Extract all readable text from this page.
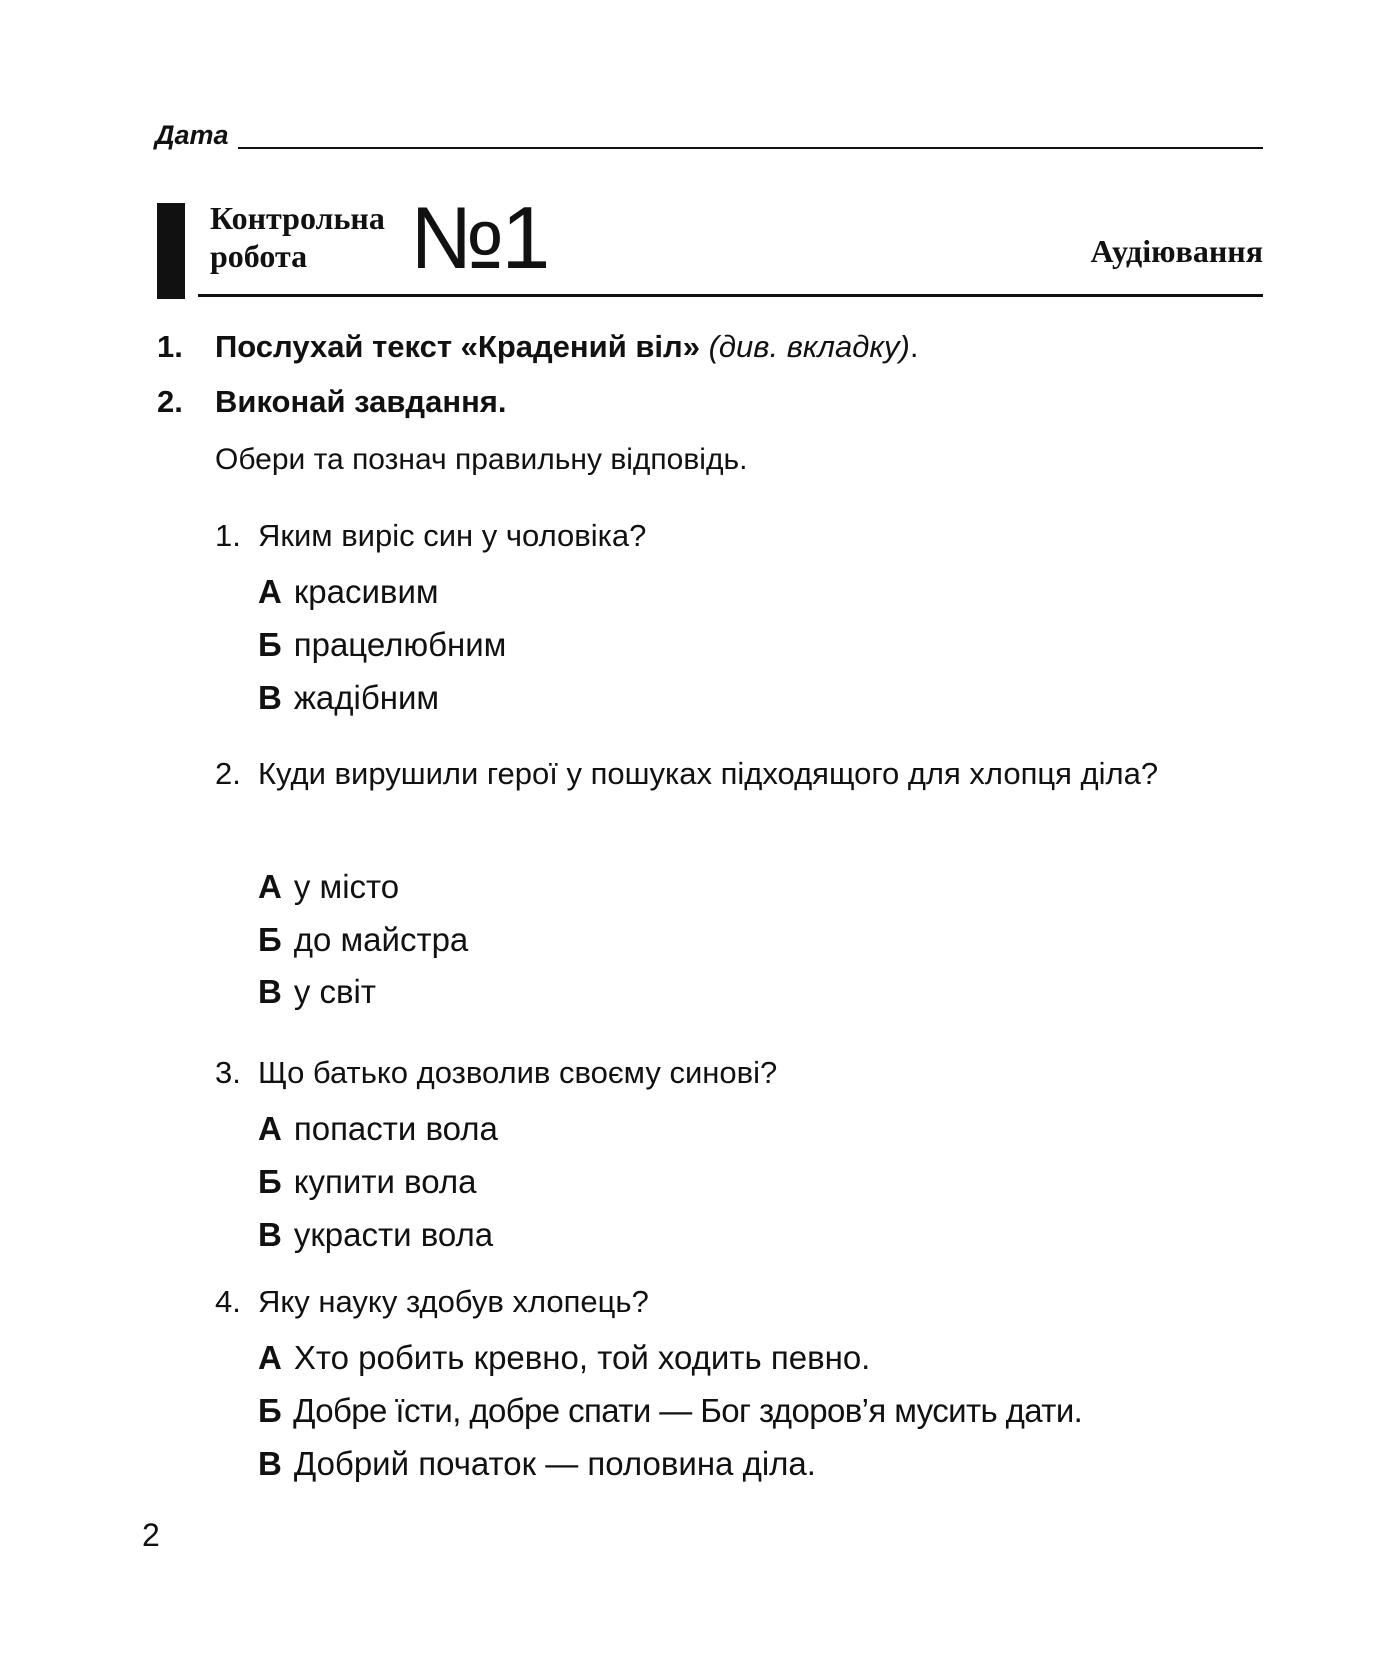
Дата
Контрольна
робота	№1	Аудіювання
1. Послухай текст «Крадений віл» (див. вкладку).
2. Виконай завдання.
Обери та познач правильну відповідь.
1. Яким виріс син у чоловіка?
А красивим
Б працелюбним
В жадібним
2. Куди вирушили герої у пошуках підходящого для хлопця діла?
А у місто
Б до майстра
В у світ
3. Що батько дозволив своєму синові?
А попасти вола
Б купити вола
В украсти вола
4. Яку науку здобув хлопець?
А Хто робить кревно, той ходить певно.
Б Добре їсти, добре спати — Бог здоров’я мусить дати.
В Добрий початок — половина діла.
2
